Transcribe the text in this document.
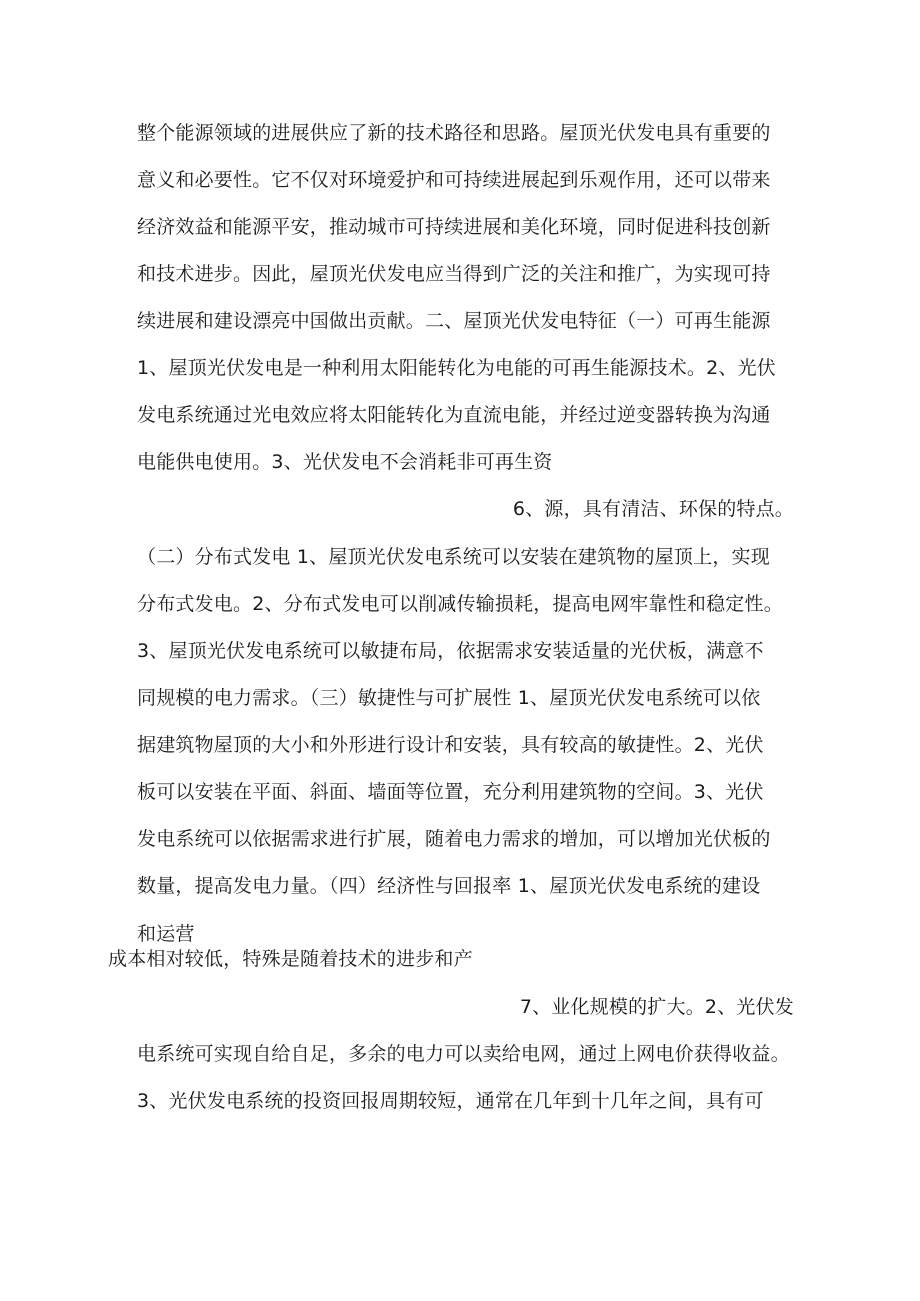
整个能源领域的进展供应了新的技术路径和思路。屋顶光伏发电具有重要的
意义和必要性。它不仅对环境爱护和可持续进展起到乐观作用，还可以带来
经济效益和能源平安，推动城市可持续进展和美化环境，同时促进科技创新
和技术进步。因此，屋顶光伏发电应当得到广泛的关注和推广，为实现可持
续进展和建设漂亮中国做出贡献。二、屋顶光伏发电特征（一）可再生能源
1、屋顶光伏发电是一种利用太阳能转化为电能的可再生能源技术。2、光伏
发电系统通过光电效应将太阳能转化为直流电能，并经过逆变器转换为沟通
电能供电使用。3、光伏发电不会消耗非可再生资
6、源，具有清洁、环保的特点。
（二）分布式发电 1、屋顶光伏发电系统可以安装在建筑物的屋顶上，实现
分布式发电。2、分布式发电可以削减传输损耗，提高电网牢靠性和稳定性。
3、屋顶光伏发电系统可以敏捷布局，依据需求安装适量的光伏板，满意不
同规模的电力需求。（三）敏捷性与可扩展性 1、屋顶光伏发电系统可以依
据建筑物屋顶的大小和外形进行设计和安装，具有较高的敏捷性。2、光伏
板可以安装在平面、斜面、墙面等位置，充分利用建筑物的空间。3、光伏
发电系统可以依据需求进行扩展，随着电力需求的增加，可以增加光伏板的
数量，提高发电力量。（四）经济性与回报率 1、屋顶光伏发电系统的建设
和运营
成本相对较低，特殊是随着技术的进步和产
7、业化规模的扩大。2、光伏发
电系统可实现自给自足，多余的电力可以卖给电网，通过上网电价获得收益。
3、光伏发电系统的投资回报周期较短，通常在几年到十几年之间，具有可
